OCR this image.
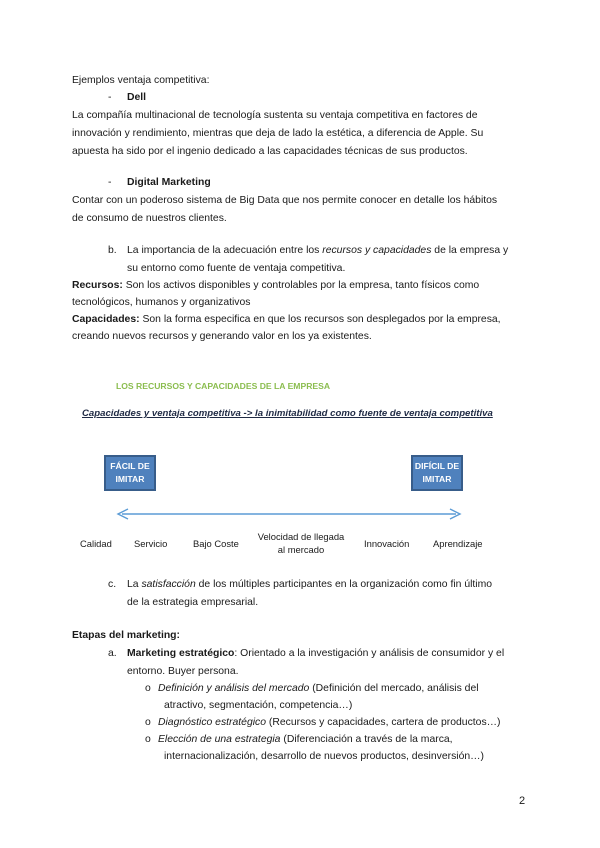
Ejemplos ventaja competitiva:
- Dell
La compañía multinacional de tecnología sustenta su ventaja competitiva en factores de
innovación y rendimiento, mientras que deja de lado la estética, a diferencia de Apple. Su
apuesta ha sido por el ingenio dedicado a las capacidades técnicas de sus productos.
- Digital Marketing
Contar con un poderoso sistema de Big Data que nos permite conocer en detalle los hábitos
de consumo de nuestros clientes.
b. La importancia de la adecuación entre los recursos y capacidades de la empresa y
su entorno como fuente de ventaja competitiva.
Recursos: Son los activos disponibles y controlables por la empresa, tanto físicos como
tecnológicos, humanos y organizativos
Capacidades: Son la forma especifica en que los recursos son desplegados por la empresa,
creando nuevos recursos y generando valor en los ya existentes.
LOS RECURSOS Y CAPACIDADES DE LA EMPRESA
Capacidades y ventaja competitiva -> la inimitabilidad como fuente de ventaja competitiva
FÁCIL DE
IMITAR
DIFÍCIL DE
IMITAR
Calidad Servicio	Bajo Coste
Velocidad de llegada al mercado
Innovación	Aprendizaje
c. La satisfacción de los múltiples participantes en la organización como fin último
de la estrategia empresarial.
Etapas del marketing:
a. Marketing estratégico: Orientado a la investigación y análisis de consumidor y el
entorno. Buyer persona.
o Definición y análisis del mercado (Definición del mercado, análisis del
atractivo, segmentación, competencia…)
o Diagnóstico estratégico (Recursos y capacidades, cartera de productos…)
o Elección de una estrategia (Diferenciación a través de la marca,
internacionalización, desarrollo de nuevos productos, desinversión…)
2
